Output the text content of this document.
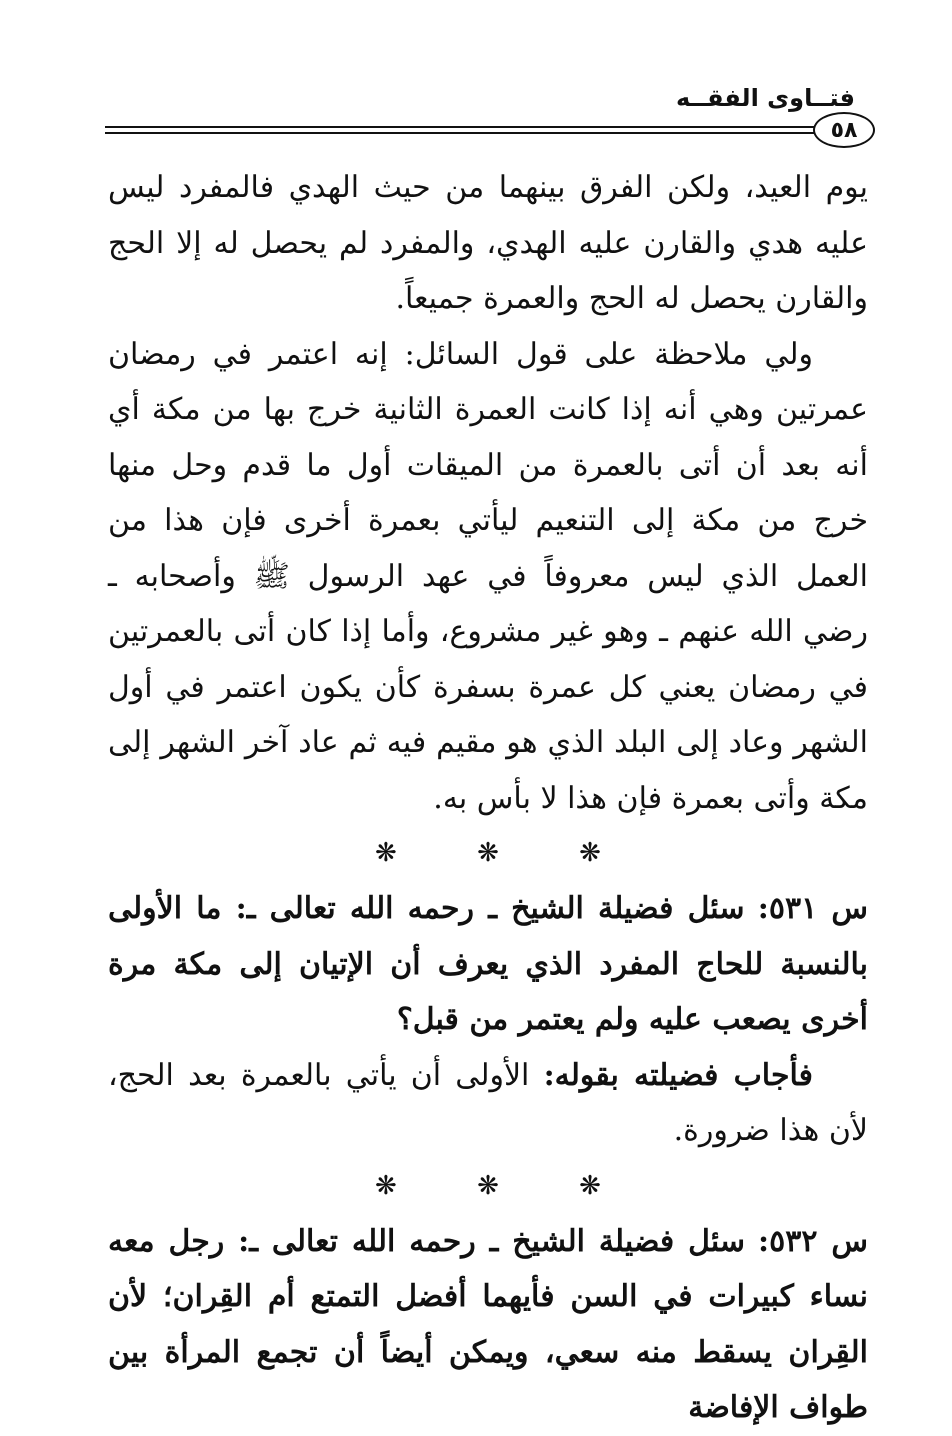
فتــاوى الفقــه
٥٨

يوم العيد، ولكن الفرق بينهما من حيث الهدي فالمفرد ليس عليه هدي والقارن عليه الهدي، والمفرد لم يحصل له إلا الحج والقارن يحصل له الحج والعمرة جميعاً.

ولي ملاحظة على قول السائل: إنه اعتمر في رمضان عمرتين وهي أنه إذا كانت العمرة الثانية خرج بها من مكة أي أنه بعد أن أتى بالعمرة من الميقات أول ما قدم وحل منها خرج من مكة إلى التنعيم ليأتي بعمرة أخرى فإن هذا من العمل الذي ليس معروفاً في عهد الرسول ﷺ وأصحابه ـ رضي الله عنهم ـ وهو غير مشروع، وأما إذا كان أتى بالعمرتين في رمضان يعني كل عمرة بسفرة كأن يكون اعتمر في أول الشهر وعاد إلى البلد الذي هو مقيم فيه ثم عاد آخر الشهر إلى مكة وأتى بعمرة فإن هذا لا بأس به.

❋ ❋ ❋

س ٥٣١: سئل فضيلة الشيخ ـ رحمه الله تعالى ـ: ما الأولى بالنسبة للحاج المفرد الذي يعرف أن الإتيان إلى مكة مرة أخرى يصعب عليه ولم يعتمر من قبل؟

فأجاب فضيلته بقوله: الأولى أن يأتي بالعمرة بعد الحج، لأن هذا ضرورة.

❋ ❋ ❋

س ٥٣٢: سئل فضيلة الشيخ ـ رحمه الله تعالى ـ: رجل معه نساء كبيرات في السن فأيهما أفضل التمتع أم القِران؛ لأن القِران يسقط منه سعي، ويمكن أيضاً أن تجمع المرأة بين طواف الإفاضة
